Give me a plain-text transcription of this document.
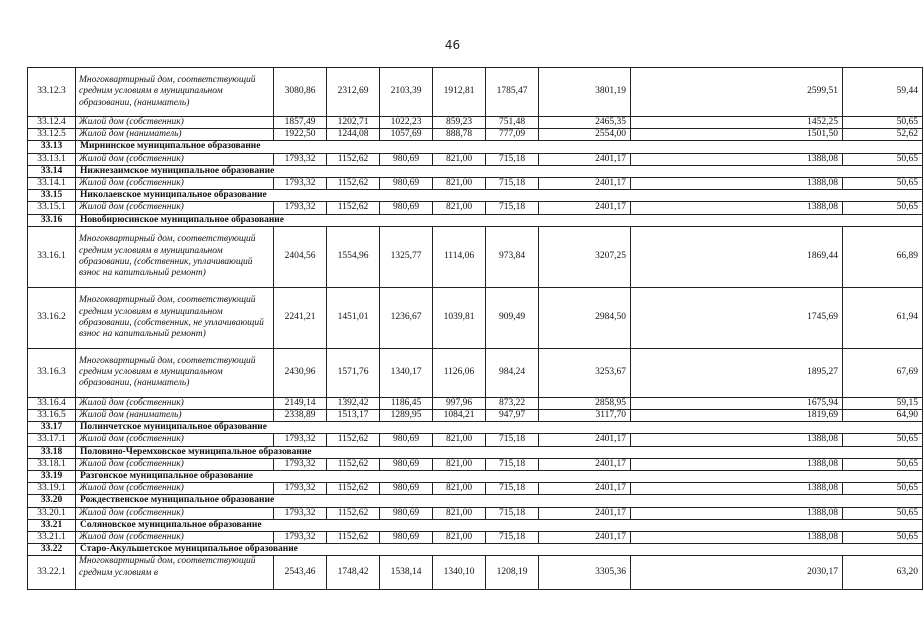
46
33.12.3	Многоквартирный дом, соответствующий средним условиям в муниципальном образовании, (наниматель)	3080,86	2312,69	2103,39	1912,81	1785,47	3801,19	2599,51	59,44
33.12.4	Жилой дом (собственник)	1857,49	1202,71	1022,23	859,23	751,48	2465,35	1452,25	50,65
33.12.5	Жилой дом (наниматель)	1922,50	1244,08	1057,69	888,78	777,09	2554,00	1501,50	52,62
33.13	Мирнинское муниципальное образование								
33.13.1	Жилой дом (собственник)	1793,32	1152,62	980,69	821,00	715,18	2401,17	1388,08	50,65
33.14	Нижнезаимское муниципальное образование								
33.14.1	Жилой дом (собственник)	1793,32	1152,62	980,69	821,00	715,18	2401,17	1388,08	50,65
33.15	Николаевское муниципальное образование								
33.15.1	Жилой дом (собственник)	1793,32	1152,62	980,69	821,00	715,18	2401,17	1388,08	50,65
33.16	Новобирюсинское муниципальное образование								
33.16.1	Многоквартирный дом, соответствующий средним условиям в муниципальном образовании, (собственник, уплачивающий взнос на капитальный ремонт)	2404,56	1554,96	1325,77	1114,06	973,84	3207,25	1869,44	66,89
33.16.2	Многоквартирный дом, соответствующий средним условиям в муниципальном образовании, (собственник, не уплачивающий взнос на капитальный ремонт)	2241,21	1451,01	1236,67	1039,81	909,49	2984,50	1745,69	61,94
33.16.3	Многоквартирный дом, соответствующий средним условиям в муниципальном образовании, (наниматель)	2430,96	1571,76	1340,17	1126,06	984,24	3253,67	1895,27	67,69
33.16.4	Жилой дом (собственник)	2149,14	1392,42	1186,45	997,96	873,22	2858,95	1675,94	59,15
33.16.5	Жилой дом (наниматель)	2338,89	1513,17	1289,95	1084,21	947,97	3117,70	1819,69	64,90
33.17	Полинчетское муниципальное образование								
33.17.1	Жилой дом (собственник)	1793,32	1152,62	980,69	821,00	715,18	2401,17	1388,08	50,65
33.18	Половино-Черемховское муниципальное образование								
33.18.1	Жилой дом (собственник)	1793,32	1152,62	980,69	821,00	715,18	2401,17	1388,08	50,65
33.19	Разгонское муниципальное образование								
33.19.1	Жилой дом (собственник)	1793,32	1152,62	980,69	821,00	715,18	2401,17	1388,08	50,65
33.20	Рождественское муниципальное образование								
33.20.1	Жилой дом (собственник)	1793,32	1152,62	980,69	821,00	715,18	2401,17	1388,08	50,65
33.21	Соляновское муниципальное образование								
33.21.1	Жилой дом (собственник)	1793,32	1152,62	980,69	821,00	715,18	2401,17	1388,08	50,65
33.22	Старо-Акульшетское муниципальное образование								
33.22.1	Многоквартирный дом, соответствующий средним условиям в	2543,46	1748,42	1538,14	1340,10	1208,19	3305,36	2030,17	63,20
